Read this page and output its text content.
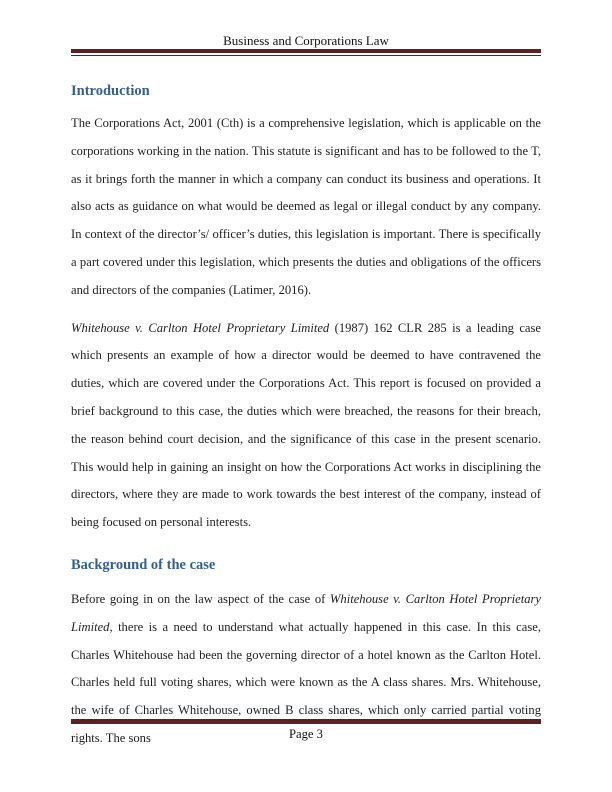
Business and Corporations Law
Introduction

The Corporations Act, 2001 (Cth) is a comprehensive legislation, which is applicable on the corporations working in the nation. This statute is significant and has to be followed to the T, as it brings forth the manner in which a company can conduct its business and operations. It also acts as guidance on what would be deemed as legal or illegal conduct by any company. In context of the director’s/ officer’s duties, this legislation is important. There is specifically a part covered under this legislation, which presents the duties and obligations of the officers and directors of the companies (Latimer, 2016).

Whitehouse v. Carlton Hotel Proprietary Limited (1987) 162 CLR 285 is a leading case which presents an example of how a director would be deemed to have contravened the duties, which are covered under the Corporations Act. This report is focused on provided a brief background to this case, the duties which were breached, the reasons for their breach, the reason behind court decision, and the significance of this case in the present scenario. This would help in gaining an insight on how the Corporations Act works in disciplining the directors, where they are made to work towards the best interest of the company, instead of being focused on personal interests.

Background of the case

Before going in on the law aspect of the case of Whitehouse v. Carlton Hotel Proprietary Limited, there is a need to understand what actually happened in this case. In this case, Charles Whitehouse had been the governing director of a hotel known as the Carlton Hotel. Charles held full voting shares, which were known as the A class shares. Mrs. Whitehouse, the wife of Charles Whitehouse, owned B class shares, which only carried partial voting rights. The sons	Page 3
